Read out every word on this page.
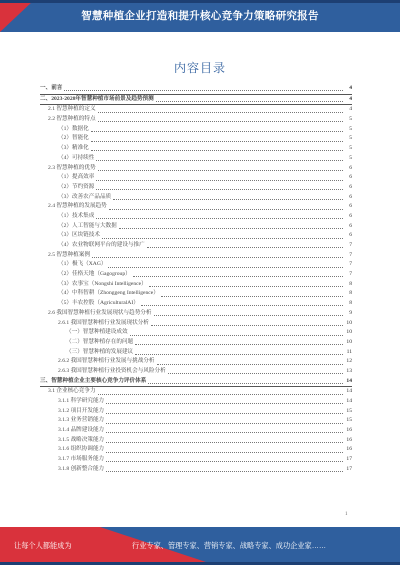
智慧种植企业打造和提升核心竞争力策略研究报告
内容目录
一、前言	4
二、2023-2028年智慧种植市场前景及趋势预测	4
2.1 智慧种植的定义	4
2.2 智慧种植的特点	5
（1）数据化	5
（2）智能化	5
（3）精准化	5
（4）可持续性	5
2.3 智慧种植的优势	6
（1）提高效率	6
（2）节约资源	6
（3）改善农产品品质	6
2.4 智慧种植的发展趋势	6
（1）技术集成	6
（2）人工智能与大数据	6
（3）区块链技术	6
（4）农业物联网平台的建设与推广	7
2.5 智慧种植案例	7
（1）极飞（XAG）	7
（2）佳格天地（Gagogroup）	7
（3）农事宝（Nongshi Intelligence）	8
（4）中科智耕（Zhonggeng Intelligence）	8
（5）丰农控股（AgriculturalAI）	8
2.6 我国智慧种植行业发展现状与趋势分析	9
2.6.1 我国智慧种植行业发展现状分析	10
（一）智慧种植建设成效	10
（二）智慧种植存在的问题	10
（三）智慧种植的发展建议	11
2.6.2 我国智慧种植行业发展与挑战分析	12
2.6.3 我国智慧种植行业投资机会与风险分析	13
三、智慧种植企业主要核心竞争力评价体系	14
3.1 企业核心竞争力	14
3.1.1 科学研究能力	14
3.1.2 项目开发能力	15
3.1.3 业务营销能力	15
3.1.4 品牌建设能力	16
3.1.5 战略决策能力	16
3.1.6 组织协调能力	16
3.1.7 市场服务能力	17
3.1.8 创新整合能力	17
1
让每个人都能成为	行业专家、管理专家、营销专家、战略专家、成功企业家……
